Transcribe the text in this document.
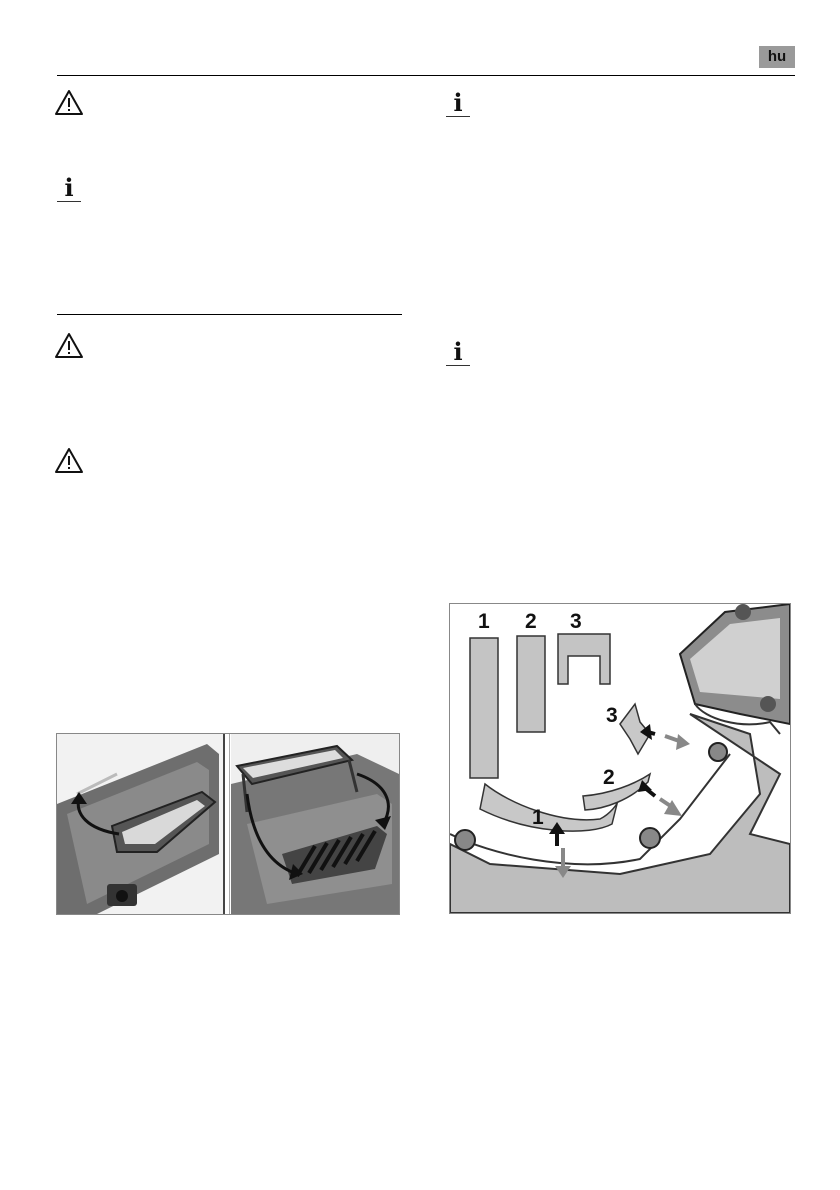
hu
i
i
i
1 2 3
1
2
3
